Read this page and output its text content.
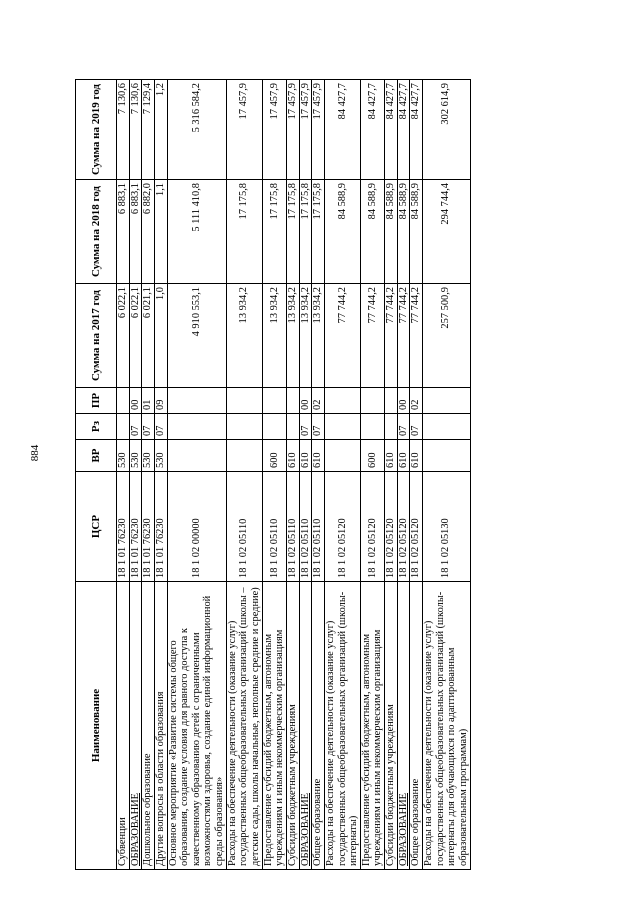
884
Наименование	ЦСР	ВР	Рз	ПР	Сумма на 2017 год	Сумма на 2018 год	Сумма на 2019 год
Субвенции	18 1 01 76230	530			6 022,1	6 883,1	7 130,6
ОБРАЗОВАНИЕ	18 1 01 76230	530	07	00	6 022,1	6 883,1	7 130,6
Дошкольное образование	18 1 01 76230	530	07	01	6 021,1	6 882,0	7 129,4
Другие вопросы в области образования	18 1 01 76230	530	07	09	1,0	1,1	1,2
Основное мероприятие «Развитие системы общего образования, создание условия для равного доступа к качественному образованию детей с ограниченными возможностями здоровья, создание единой информационной среды образования»	18 1 02 00000				4 910 553,1	5 111 410,8	5 316 584,2
Расходы на обеспечение деятельности (оказание услуг) государственных общеобразовательных организаций (школы – детские сады, школы начальные, неполные средние и средние)	18 1 02 05110				13 934,2	17 175,8	17 457,9
Предоставление субсидий бюджетным, автономным учреждениям и иным некоммерческим организациям	18 1 02 05110	600			13 934,2	17 175,8	17 457,9
Субсидии бюджетным учреждениям	18 1 02 05110	610			13 934,2	17 175,8	17 457,9
ОБРАЗОВАНИЕ	18 1 02 05110	610	07	00	13 934,2	17 175,8	17 457,9
Общее образование	18 1 02 05110	610	07	02	13 934,2	17 175,8	17 457,9
Расходы на обеспечение деятельности (оказание услуг) государственных общеобразовательных организаций (школы-интернаты)	18 1 02 05120				77 744,2	84 588,9	84 427,7
Предоставление субсидий бюджетным, автономным учреждениям и иным некоммерческим организациям	18 1 02 05120	600			77 744,2	84 588,9	84 427,7
Субсидии бюджетным учреждениям	18 1 02 05120	610			77 744,2	84 588,9	84 427,7
ОБРАЗОВАНИЕ	18 1 02 05120	610	07	00	77 744,2	84 588,9	84 427,7
Общее образование	18 1 02 05120	610	07	02	77 744,2	84 588,9	84 427,7
Расходы на обеспечение деятельности (оказание услуг) государственных общеобразовательных организаций (школы-интернаты для обучающихся по адаптированным образовательным программам)	18 1 02 05130				257 500,9	294 744,4	302 614,9
